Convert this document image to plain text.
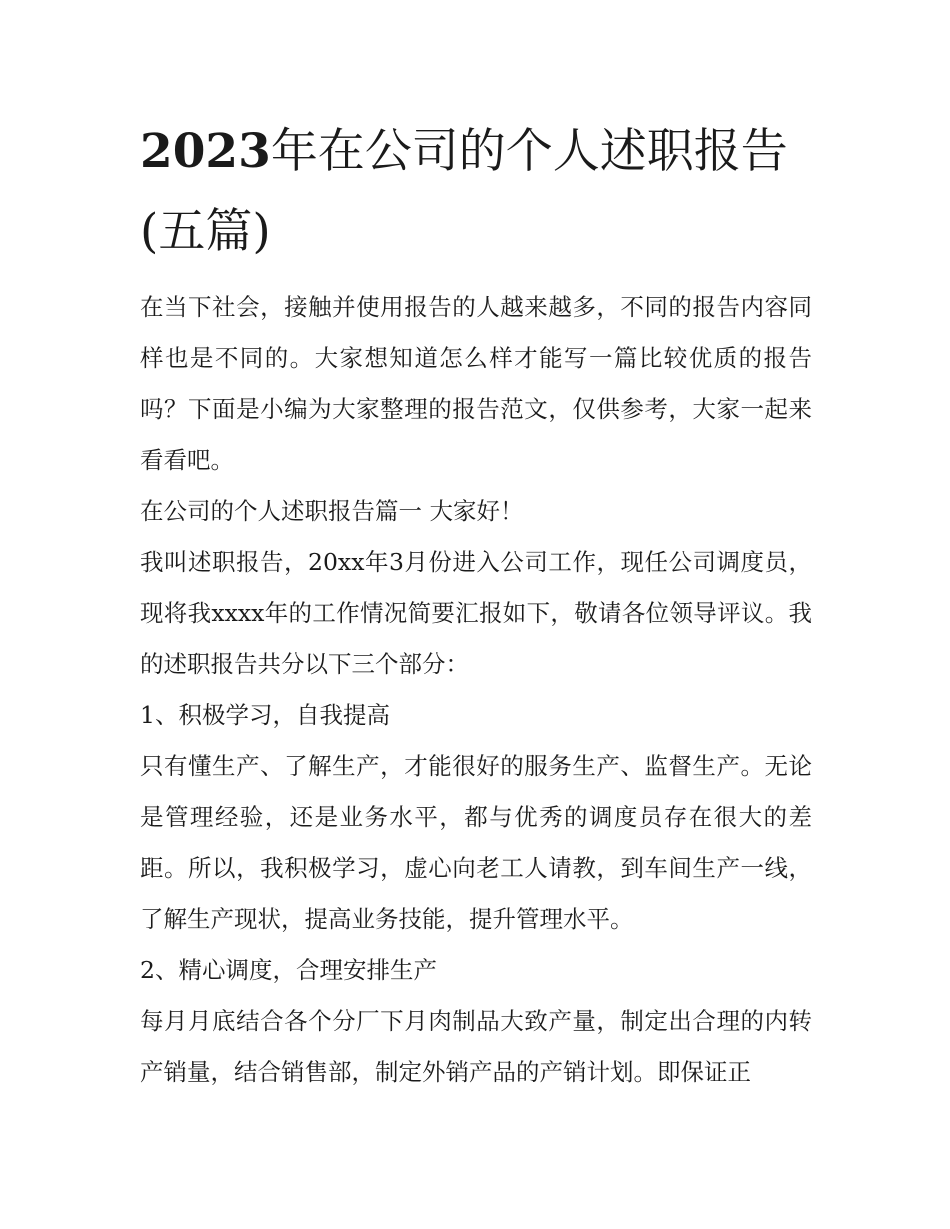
2023年在公司的个人述职报告(五篇)

在当下社会，接触并使用报告的人越来越多，不同的报告内容同样也是不同的。大家想知道怎么样才能写一篇比较优质的报告吗？下面是小编为大家整理的报告范文，仅供参考，大家一起来看看吧。

在公司的个人述职报告篇一 大家好！

我叫述职报告，20xx年3月份进入公司工作，现任公司调度员，现将我xxxx年的工作情况简要汇报如下，敬请各位领导评议。我的述职报告共分以下三个部分：

1、积极学习，自我提高

只有懂生产、了解生产，才能很好的服务生产、监督生产。无论是管理经验，还是业务水平，都与优秀的调度员存在很大的差距。所以，我积极学习，虚心向老工人请教，到车间生产一线，了解生产现状，提高业务技能，提升管理水平。

2、精心调度，合理安排生产

每月月底结合各个分厂下月肉制品大致产量，制定出合理的内转产销量，结合销售部，制定外销产品的产销计划。即保证正
